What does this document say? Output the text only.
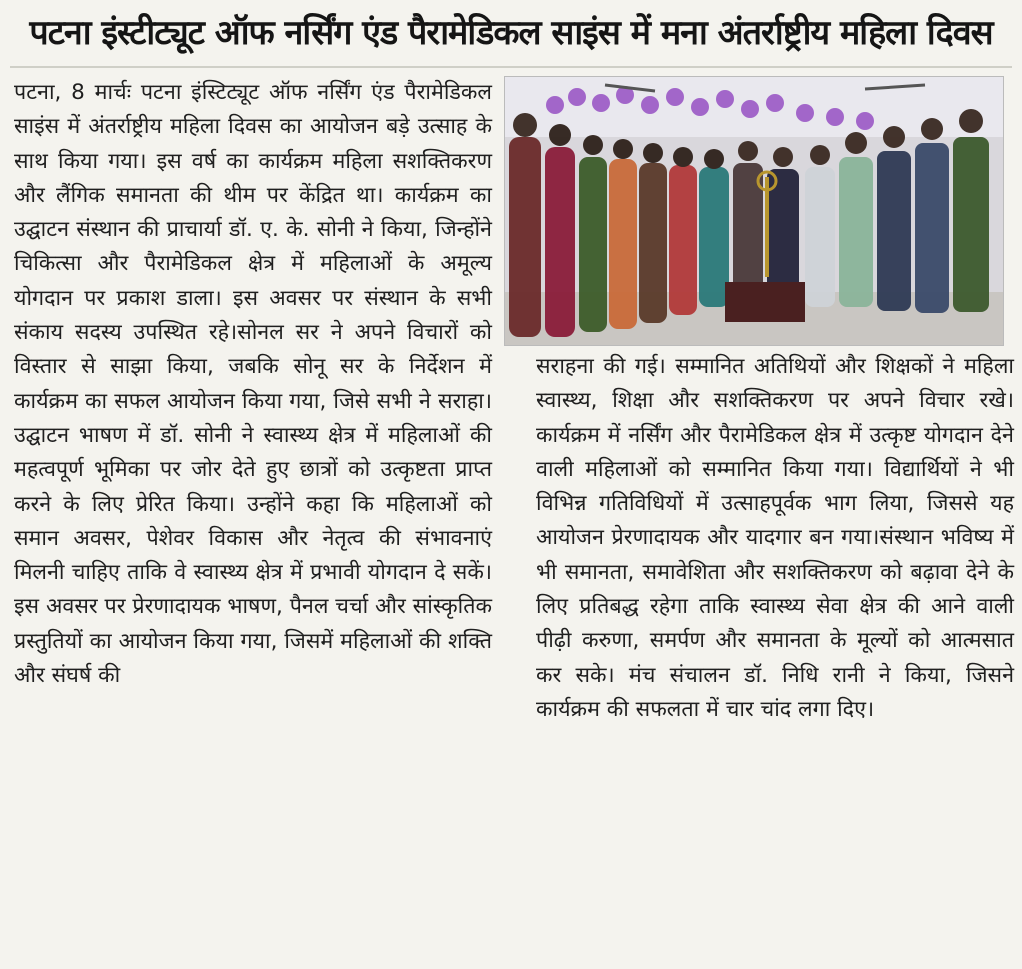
पटना इंस्टीट्यूट ऑफ नर्सिंग एंड पैरामेडिकल साइंस में मना अंतर्राष्ट्रीय महिला दिवस
पटना, 8 मार्चः पटना इंस्टिट्यूट ऑफ नर्सिंग एंड पैरामेडिकल साइंस में अंतर्राष्ट्रीय महिला दिवस का आयोजन बड़े उत्साह के साथ किया गया। इस वर्ष का कार्यक्रम महिला सशक्तिकरण और लैंगिक समानता की थीम पर केंद्रित था। कार्यक्रम का उद्घाटन संस्थान की प्राचार्या डॉ. ए. के. सोनी ने किया, जिन्होंने चिकित्सा और पैरामेडिकल क्षेत्र में महिलाओं के अमूल्य योगदान पर प्रकाश डाला। इस अवसर पर संस्थान के सभी संकाय सदस्य उपस्थित रहे।सोनल सर ने अपने विचारों को विस्तार से साझा किया, जबकि सोनू सर के निर्देशन में कार्यक्रम का सफल आयोजन किया गया, जिसे सभी ने सराहा। उद्घाटन भाषण में डॉ. सोनी ने स्वास्थ्य क्षेत्र में महिलाओं की महत्वपूर्ण भूमिका पर जोर देते हुए छात्रों को उत्कृष्टता प्राप्त करने के लिए प्रेरित किया। उन्होंने कहा कि महिलाओं को समान अवसर, पेशेवर विकास और नेतृत्व की संभावनाएं मिलनी चाहिए ताकि वे स्वास्थ्य क्षेत्र में प्रभावी योगदान दे सकें। इस अवसर पर प्रेरणादायक भाषण, पैनल चर्चा और सांस्कृतिक प्रस्तुतियों का आयोजन किया गया, जिसमें महिलाओं की शक्ति और संघर्ष की
सराहना की गई। सम्मानित अतिथियों और शिक्षकों ने महिला स्वास्थ्य, शिक्षा और सशक्तिकरण पर अपने विचार रखे।कार्यक्रम में नर्सिंग और पैरामेडिकल क्षेत्र में उत्कृष्ट योगदान देने वाली महिलाओं को सम्मानित किया गया। विद्यार्थियों ने भी विभिन्न गतिविधियों में उत्साहपूर्वक भाग लिया, जिससे यह आयोजन प्रेरणादायक और यादगार बन गया।संस्थान भविष्य में भी समानता, समावेशिता और सशक्तिकरण को बढ़ावा देने के लिए प्रतिबद्ध रहेगा ताकि स्वास्थ्य सेवा क्षेत्र की आने वाली पीढ़ी करुणा, समर्पण और समानता के मूल्यों को आत्मसात कर सके। मंच संचालन डॉ. निधि रानी ने किया, जिसने कार्यक्रम की सफलता में चार चांद लगा दिए।
